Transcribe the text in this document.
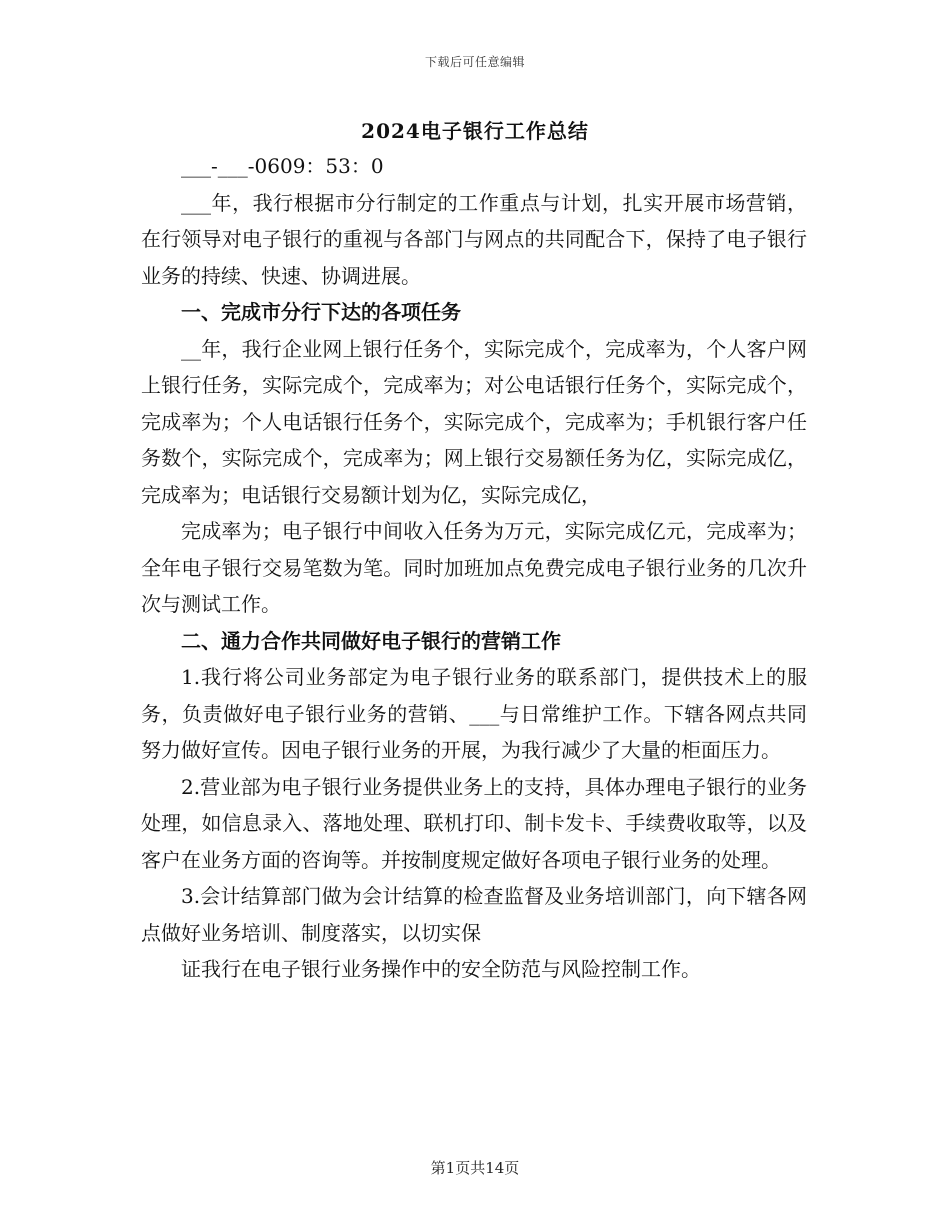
下载后可任意编辑
2024电子银行工作总结

___-___-0609：53：0

___年，我行根据市分行制定的工作重点与计划，扎实开展市场营销，在行领导对电子银行的重视与各部门与网点的共同配合下，保持了电子银行业务的持续、快速、协调进展。

一、完成市分行下达的各项任务

__年，我行企业网上银行任务个，实际完成个，完成率为，个人客户网上银行任务，实际完成个，完成率为；对公电话银行任务个，实际完成个，完成率为；个人电话银行任务个，实际完成个，完成率为；手机银行客户任务数个，实际完成个，完成率为；网上银行交易额任务为亿，实际完成亿，完成率为；电话银行交易额计划为亿，实际完成亿，

完成率为；电子银行中间收入任务为万元，实际完成亿元，完成率为；全年电子银行交易笔数为笔。同时加班加点免费完成电子银行业务的几次升次与测试工作。

二、通力合作共同做好电子银行的营销工作

1.我行将公司业务部定为电子银行业务的联系部门，提供技术上的服务，负责做好电子银行业务的营销、___与日常维护工作。下辖各网点共同努力做好宣传。因电子银行业务的开展，为我行减少了大量的柜面压力。

2.营业部为电子银行业务提供业务上的支持，具体办理电子银行的业务处理，如信息录入、落地处理、联机打印、制卡发卡、手续费收取等，以及客户在业务方面的咨询等。并按制度规定做好各项电子银行业务的处理。

3.会计结算部门做为会计结算的检查监督及业务培训部门，向下辖各网点做好业务培训、制度落实，以切实保

证我行在电子银行业务操作中的安全防范与风险控制工作。

第1页共14页
